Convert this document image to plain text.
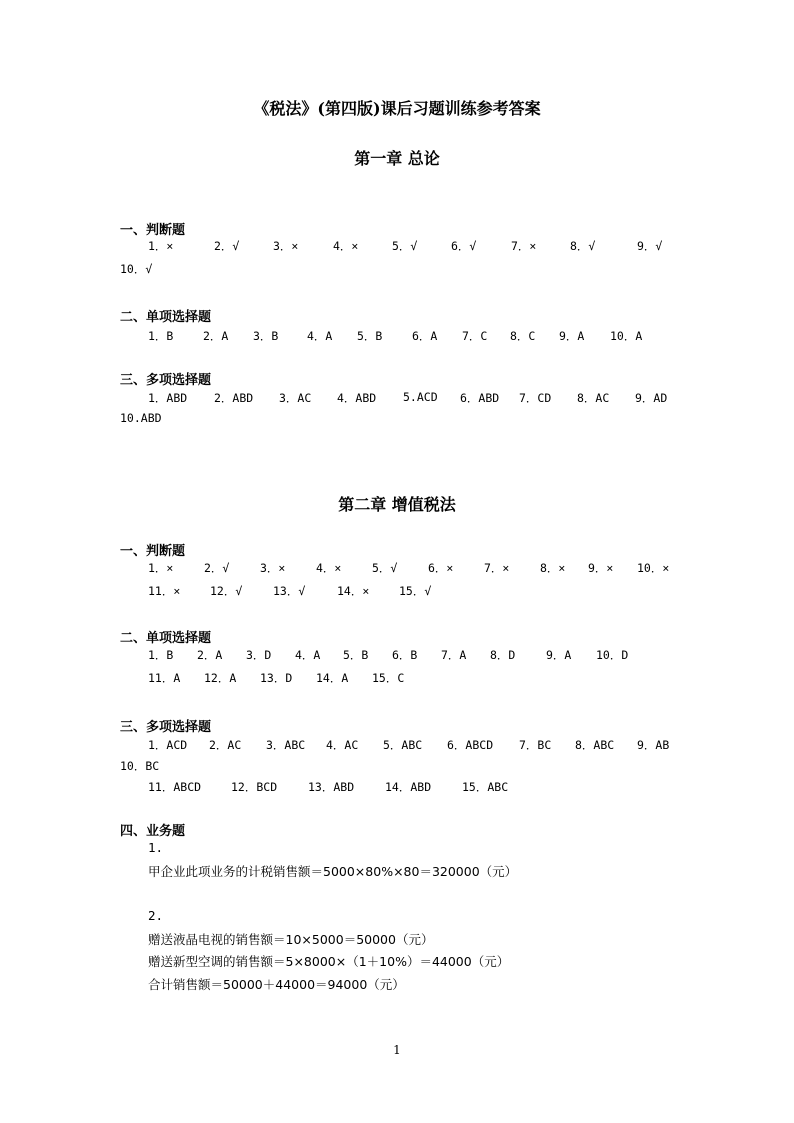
《税法》(第四版)课后习题训练参考答案
第一章 总论
一、判断题
1．×	2．√	3．×	4．×	5．√	6．√	7．×	8．√	9．√
10．√
二、单项选择题
1．B	2．A 3．B 4．A 5．B	6．A 7．C 8．C 9．A 10．A
三、多项选择题
1．ABD 2．ABD 3．AC 4．ABD 5.ACD 6．ABD 7．CD 8．AC 9．AD
10.ABD
第二章 增值税法
一、判断题
1．×	2．√	3．×	4．×	5．√	6．×	7．×	8．× 9．× 10．×
11．×	12．√	13．√	14．×	15．√
二、单项选择题
1．B 2．A 3．D 4．A 5．B 6．B 7．A 8．D	9．A 10．D
11．A 12．A 13．D 14．A 15．C
三、多项选择题
1．ACD 2．AC 3．ABC 4．AC 5．ABC 6．ABCD 7．BC 8．ABC 9．AB
10．BC
11．ABCD	12．BCD	13．ABD	14．ABD	15．ABC
四、业务题
1.
甲企业此项业务的计税销售额＝5000×80%×80＝320000（元）
2.
赠送液晶电视的销售额＝10×5000＝50000（元）
赠送新型空调的销售额＝5×8000×（1＋10%）＝44000（元）
合计销售额＝50000＋44000＝94000（元）
1
